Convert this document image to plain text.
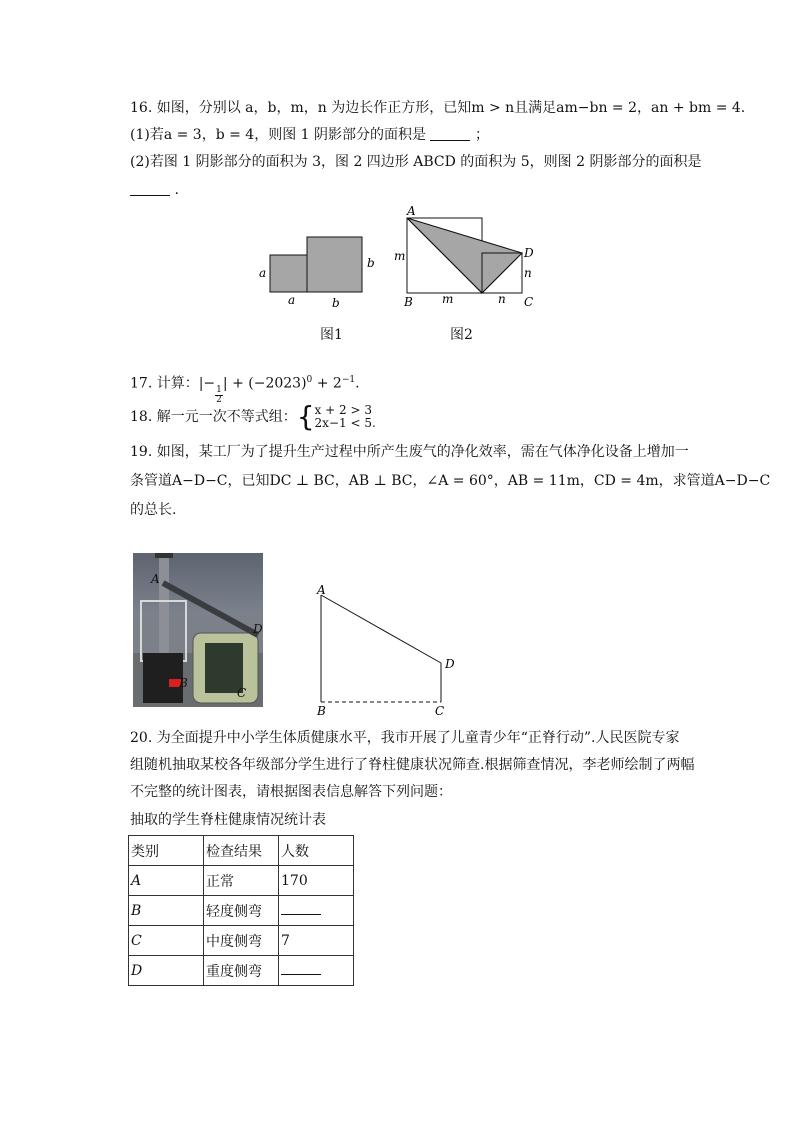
16. 如图，分别以 a，b，m，n 为边长作正方形，已知m > n且满足am−bn = 2，an + bm = 4.
(1)若a = 3，b = 4，则图 1 阴影部分的面积是	；
(2)若图 1 阴影部分的面积为 3，图 2 四边形 ABCD 的面积为 5，则图 2 阴影部分的面积是
.
a
a	b
b
图1
A
B	C
D
m
m
n
n
图2
17. 计算：|−
$\frac{1}{2}$
| + $(-2023)^0 + 2^{-1}$.
18. 解一元一次不等式组： { x + 2 > 3
2x−1 < 5.
19. 如图，某工厂为了提升生产过程中所产生废气的净化效率，需在气体净化设备上增加一
条管道A−D−C，已知DC ⊥ BC，AB ⊥ BC，∠A = 60°，AB = 11m，CD = 4m，求管道A−D−C
的总长.
A
D
B
C
A
B	C
D
20. 为全面提升中小学生体质健康水平，我市开展了儿童青少年“正脊行动”.人民医院专家
组随机抽取某校各年级部分学生进行了脊柱健康状况筛查.根据筛查情况，李老师绘制了两幅
不完整的统计图表，请根据图表信息解答下列问题：
抽取的学生脊柱健康情况统计表
类别	检查结果	人数
A	正常	170
B	轻度侧弯	
C	中度侧弯	7
D	重度侧弯	
